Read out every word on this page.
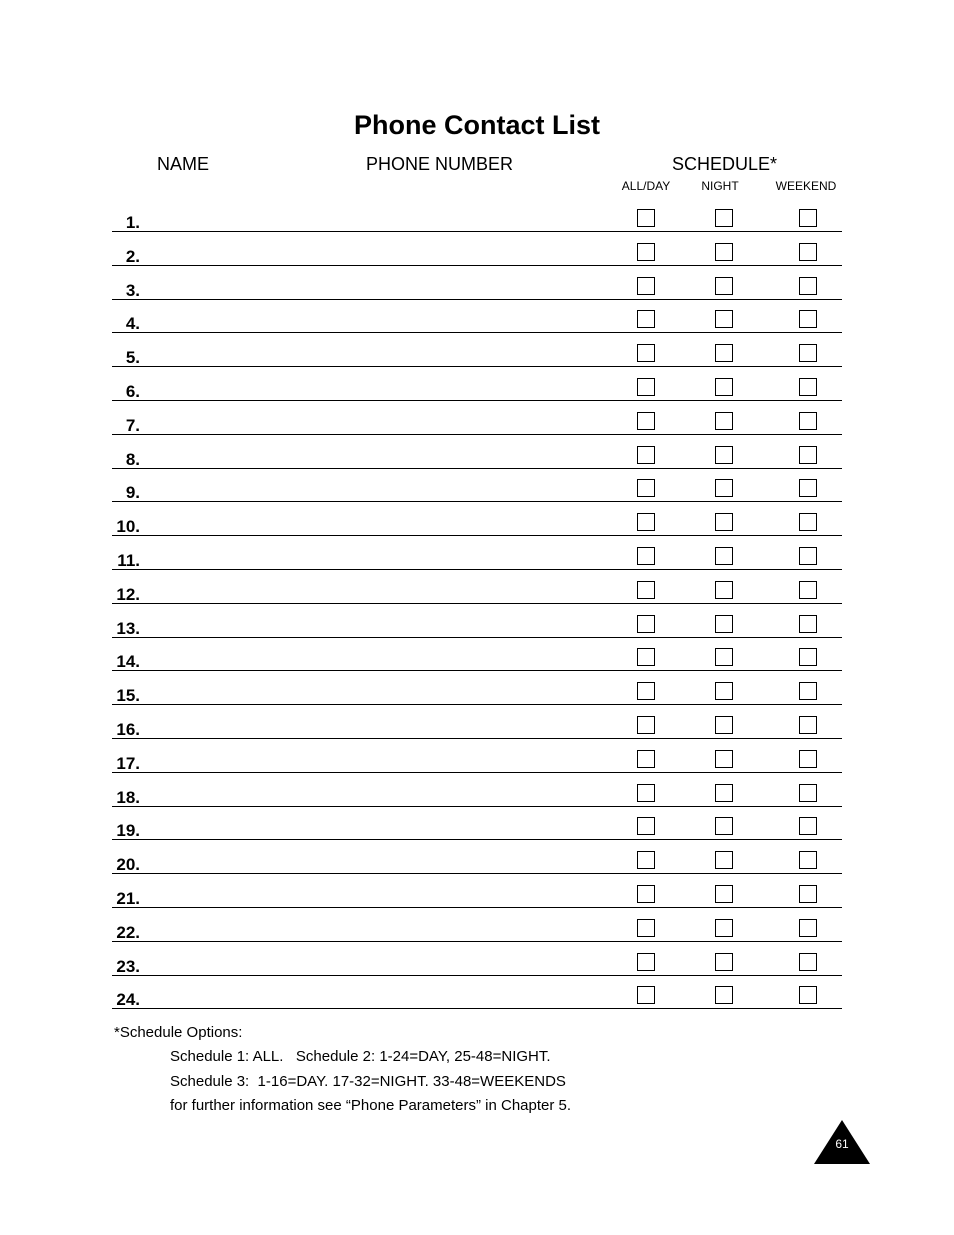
Phone Contact List
NAME	PHONE NUMBER	SCHEDULE*
ALL/DAY	NIGHT	WEEKEND
1.
2.
3.
4.
5.
6.
7.
8.
9.
10.
11.
12.
13.
14.
15.
16.
17.
18.
19.
20.
21.
22.
23.
24.
*Schedule Options:
Schedule 1: ALL.   Schedule 2: 1-24=DAY, 25-48=NIGHT.
Schedule 3:  1-16=DAY. 17-32=NIGHT. 33-48=WEEKENDS
for further information see “Phone Parameters” in Chapter 5.
61
